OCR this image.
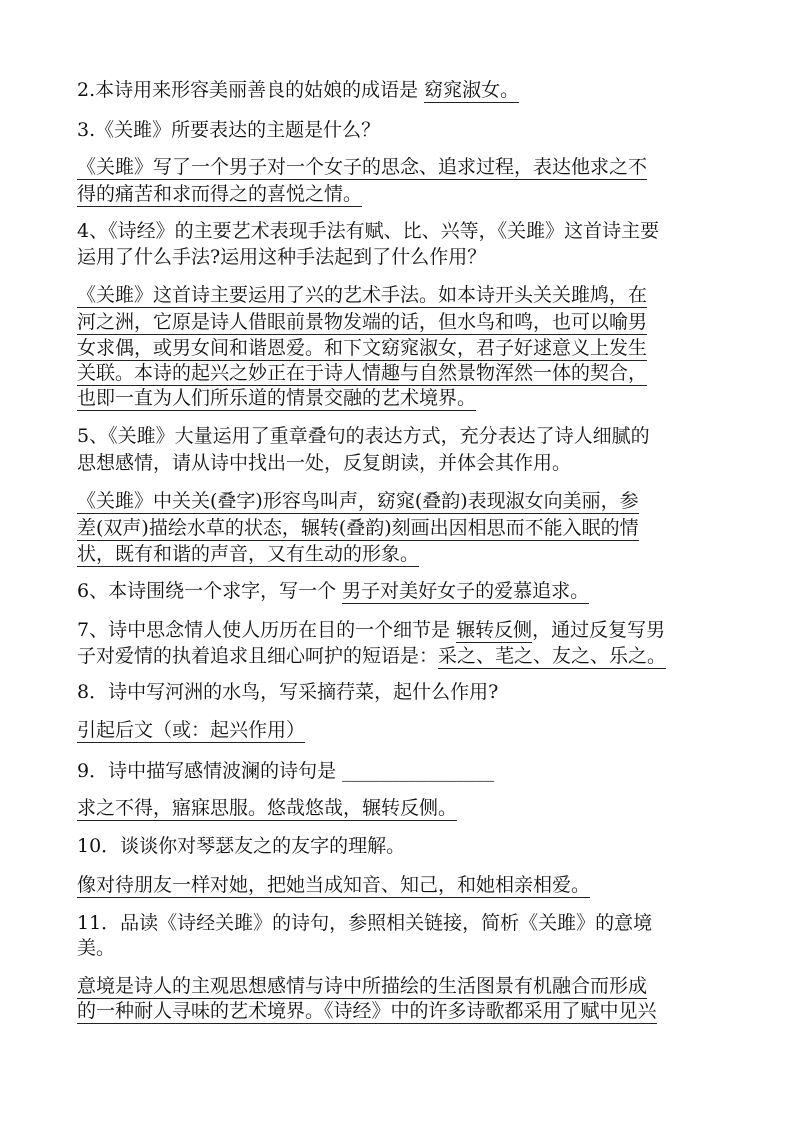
2.本诗用来形容美丽善良的姑娘的成语是 窈窕淑女。
3.《关雎》所要表达的主题是什么？
《关雎》写了一个男子对一个女子的思念、追求过程，表达他求之不
得的痛苦和求而得之的喜悦之情。
4、《诗经》的主要艺术表现手法有赋、比、兴等，《关雎》这首诗主要
运用了什么手法?运用这种手法起到了什么作用？
《关雎》这首诗主要运用了兴的艺术手法。如本诗开头关关雎鸠，在
河之洲，它原是诗人借眼前景物发端的话，但水鸟和鸣，也可以喻男
女求偶，或男女间和谐恩爱。和下文窈窕淑女，君子好逑意义上发生
关联。本诗的起兴之妙正在于诗人情趣与自然景物浑然一体的契合，
也即一直为人们所乐道的情景交融的艺术境界。
5、《关雎》大量运用了重章叠句的表达方式，充分表达了诗人细腻的
思想感情，请从诗中找出一处，反复朗读，并体会其作用。
《关雎》中关关(叠字)形容鸟叫声，窈窕(叠韵)表现淑女向美丽，参
差(双声)描绘水草的状态，辗转(叠韵)刻画出因相思而不能入眠的情
状，既有和谐的声音，又有生动的形象。
6、本诗围绕一个求字，写一个 男子对美好女子的爱慕追求。
7、诗中思念情人使人历历在目的一个细节是 辗转反侧，通过反复写男
子对爱情的执着追求且细心呵护的短语是：采之、芼之、友之、乐之。
8．诗中写河洲的水鸟，写采摘荇菜，起什么作用?
引起后文（或：起兴作用）
9．诗中描写感情波澜的诗句是 ________________
求之不得，寤寐思服。悠哉悠哉，辗转反侧。
10．谈谈你对琴瑟友之的友字的理解。
像对待朋友一样对她，把她当成知音、知己，和她相亲相爱。
11．品读《诗经关雎》的诗句，参照相关链接，简析《关雎》的意境
美。
意境是诗人的主观思想感情与诗中所描绘的生活图景有机融合而形成
的一种耐人寻味的艺术境界。《诗经》中的许多诗歌都采用了赋中见兴
